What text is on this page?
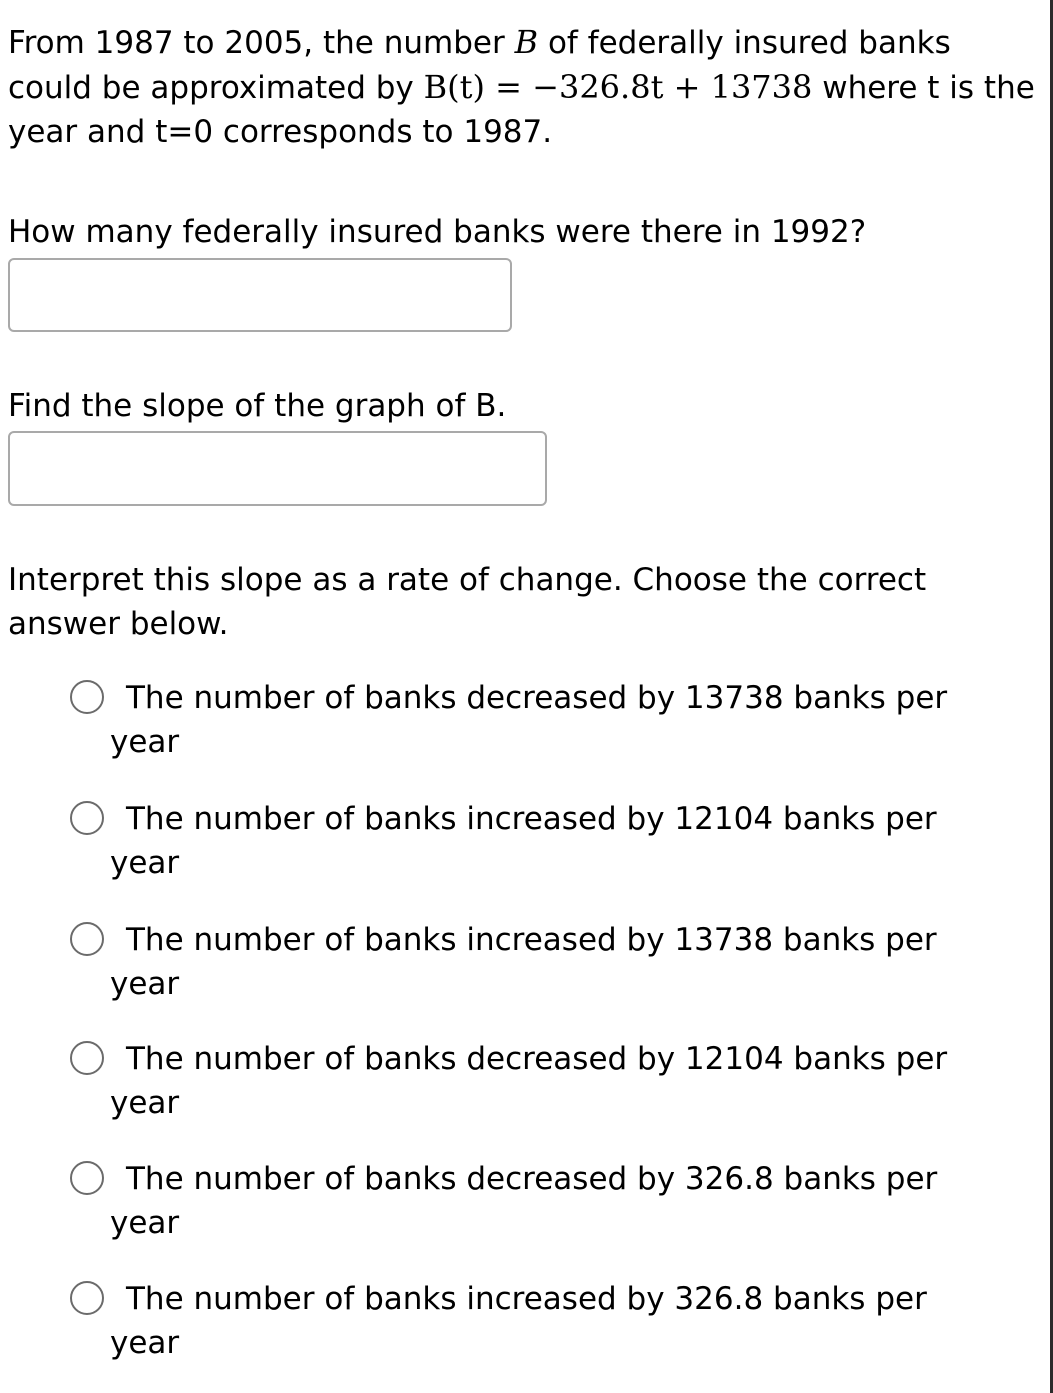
From 1987 to 2005, the number B of federally insured banks could be approximated by B(t) = −326.8t + 13738 where t is the year and t=0 corresponds to 1987.

How many federally insured banks were there in 1992?

Find the slope of the graph of B.

Interpret this slope as a rate of change. Choose the correct answer below.

The number of banks decreased by 13738 banks per
year
The number of banks increased by 12104 banks per
year
The number of banks increased by 13738 banks per
year
The number of banks decreased by 12104 banks per
year
The number of banks decreased by 326.8 banks per
year
The number of banks increased by 326.8 banks per
year
